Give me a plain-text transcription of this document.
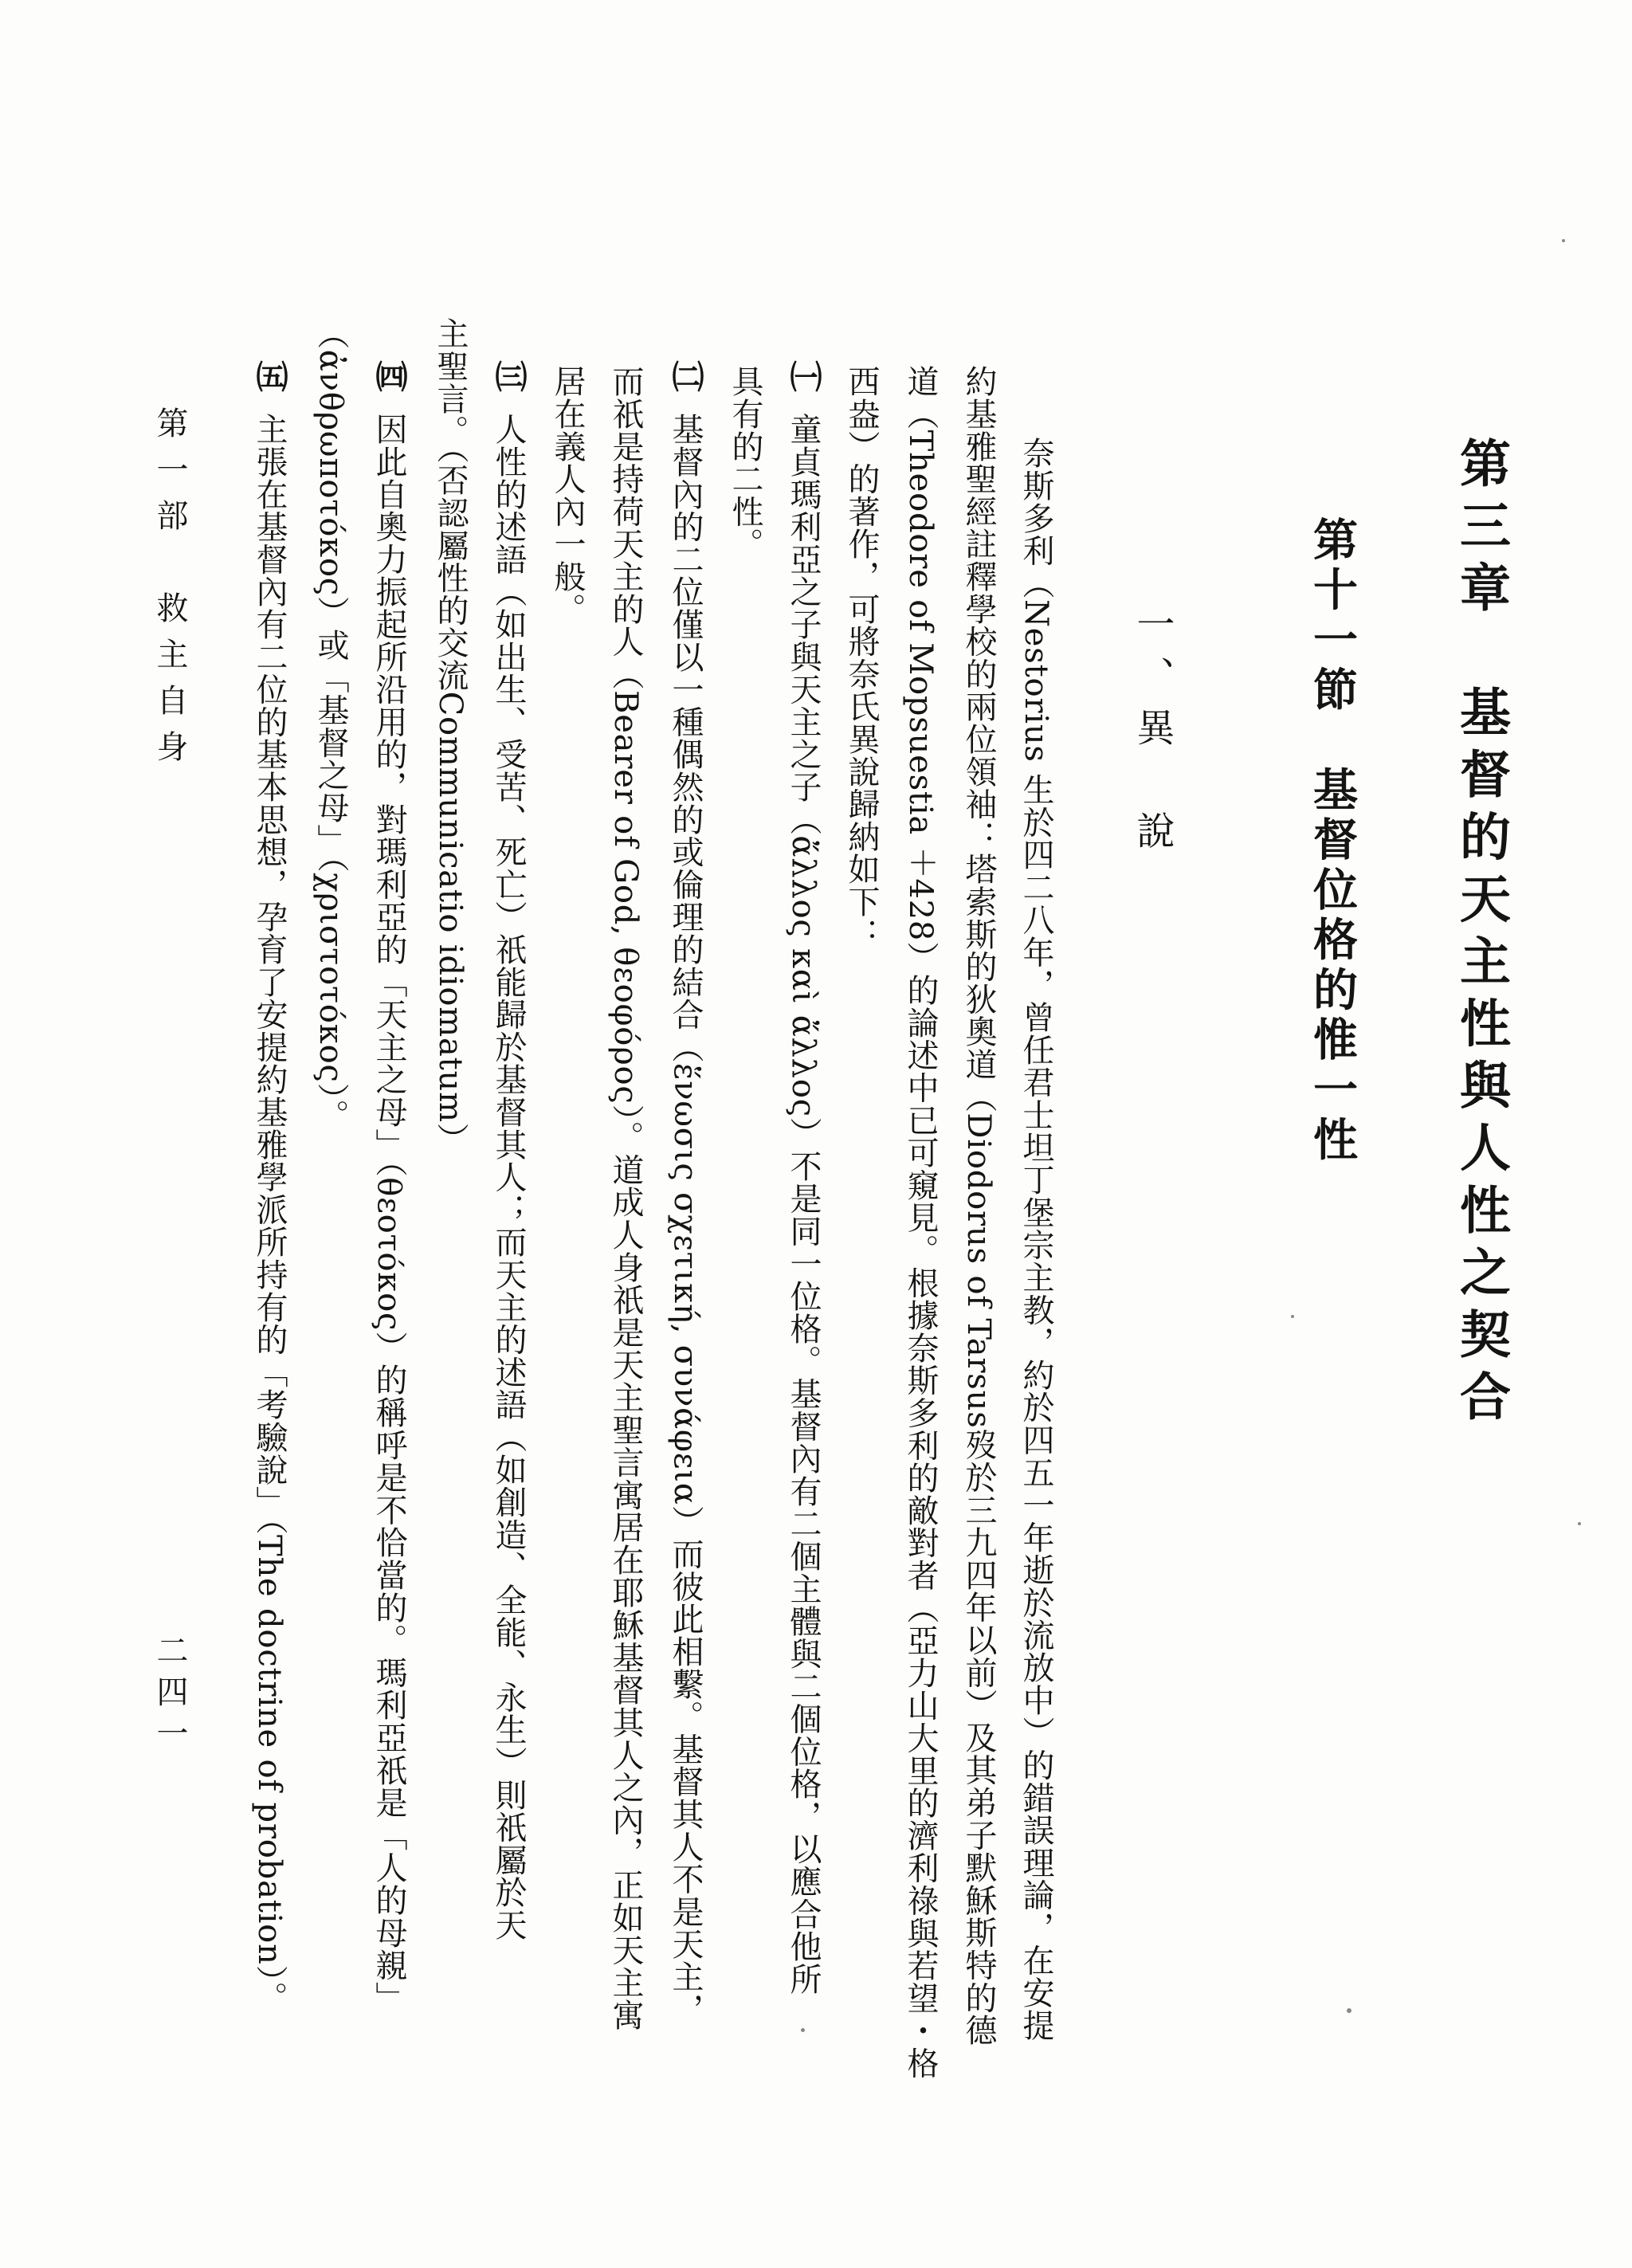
第三章　基督的天主性與人性之契合
第十一節　基督位格的惟一性
一、異　說
奈斯多利（Nestorius 生於四二八年，曾任君士坦丁堡宗主教，約於四五一年逝於流放中）的錯誤理論，在安提
約基雅聖經註釋學校的兩位領袖：塔索斯的狄奧道（Diodorus of Tarsus歿於三九四年以前）及其弟子默穌斯特的德
道（Theodore of Mopsuestia ＋428）的論述中已可窺見。根據奈斯多利的敵對者（亞力山大里的濟利祿與若望・格
西盎）的著作，可將奈氏異說歸納如下：
㈠
童貞瑪利亞之子與天主之子（ἄλλος καὶ ἄλλος）不是同一位格。基督內有二個主體與二個位格，以應合他所
具有的二性。
㈡
基督內的二位僅以一種偶然的或倫理的結合（ἕνωσις σχετική, συνάφεια）而彼此相繫。基督其人不是天主，
而祇是持荷天主的人（Bearer of God, θεοφόρος）。道成人身祇是天主聖言寓居在耶穌基督其人之內，正如天主寓
居在義人內一般。
㈢
人性的述語（如出生、受苦、死亡）祇能歸於基督其人；而天主的述語（如創造、全能、永生）則祇屬於天
主聖言。（否認屬性的交流Communicatio idiomatum）
㈣
因此自奧力振起所沿用的，對瑪利亞的「天主之母」（θεοτόκος）的稱呼是不恰當的。瑪利亞祇是「人的母親」
（ἀνθρωποτόκος）或「基督之母」（χριστοτόκος）。
㈤
主張在基督內有二位的基本思想，孕育了安提約基雅學派所持有的「考驗說」（The doctrine of probation）。
第一部　救主自身
二四一
